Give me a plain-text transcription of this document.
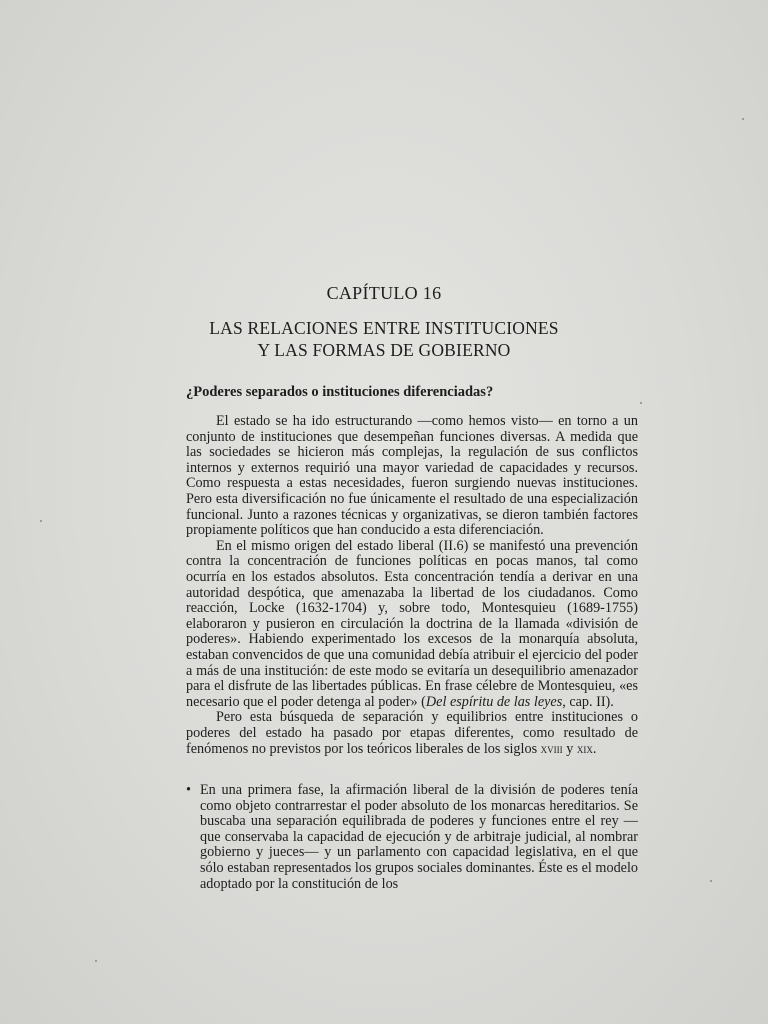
CAPÍTULO 16
LAS RELACIONES ENTRE INSTITUCIONES
Y LAS FORMAS DE GOBIERNO
¿Poderes separados o instituciones diferenciadas?

El estado se ha ido estructurando —como hemos visto— en torno a un conjunto de instituciones que desempeñan funciones diversas. A medida que las sociedades se hicieron más complejas, la regulación de sus conflictos internos y externos requirió una mayor variedad de capacidades y recursos. Como respuesta a estas necesidades, fueron surgiendo nuevas instituciones. Pero esta diversificación no fue únicamente el resultado de una especialización funcional. Junto a razones técnicas y organizativas, se dieron también factores propiamente políticos que han conducido a esta diferenciación.

En el mismo origen del estado liberal (II.6) se manifestó una prevención contra la concentración de funciones políticas en pocas manos, tal como ocurría en los estados absolutos. Esta concentración tendía a derivar en una autoridad despótica, que amenazaba la libertad de los ciudadanos. Como reacción, Locke (1632-1704) y, sobre todo, Montesquieu (1689-1755) elaboraron y pusieron en circulación la doctrina de la llamada «división de poderes». Habiendo experimentado los excesos de la monarquía absoluta, estaban convencidos de que una comunidad debía atribuir el ejercicio del poder a más de una institución: de este modo se evitaría un desequilibrio amenazador para el disfrute de las libertades públicas. En frase célebre de Montesquieu, «es necesario que el poder detenga al poder» (Del espíritu de las leyes, cap. II).

Pero esta búsqueda de separación y equilibrios entre instituciones o poderes del estado ha pasado por etapas diferentes, como resultado de fenómenos no previstos por los teóricos liberales de los siglos xviii y xix.

• En una primera fase, la afirmación liberal de la división de poderes tenía como objeto contrarrestar el poder absoluto de los monarcas hereditarios. Se buscaba una separación equilibrada de poderes y funciones entre el rey —que conservaba la capacidad de ejecución y de arbitraje judicial, al nombrar gobierno y jueces— y un parlamento con capacidad legislativa, en el que sólo estaban representados los grupos sociales dominantes. Éste es el modelo adoptado por la constitución de los
